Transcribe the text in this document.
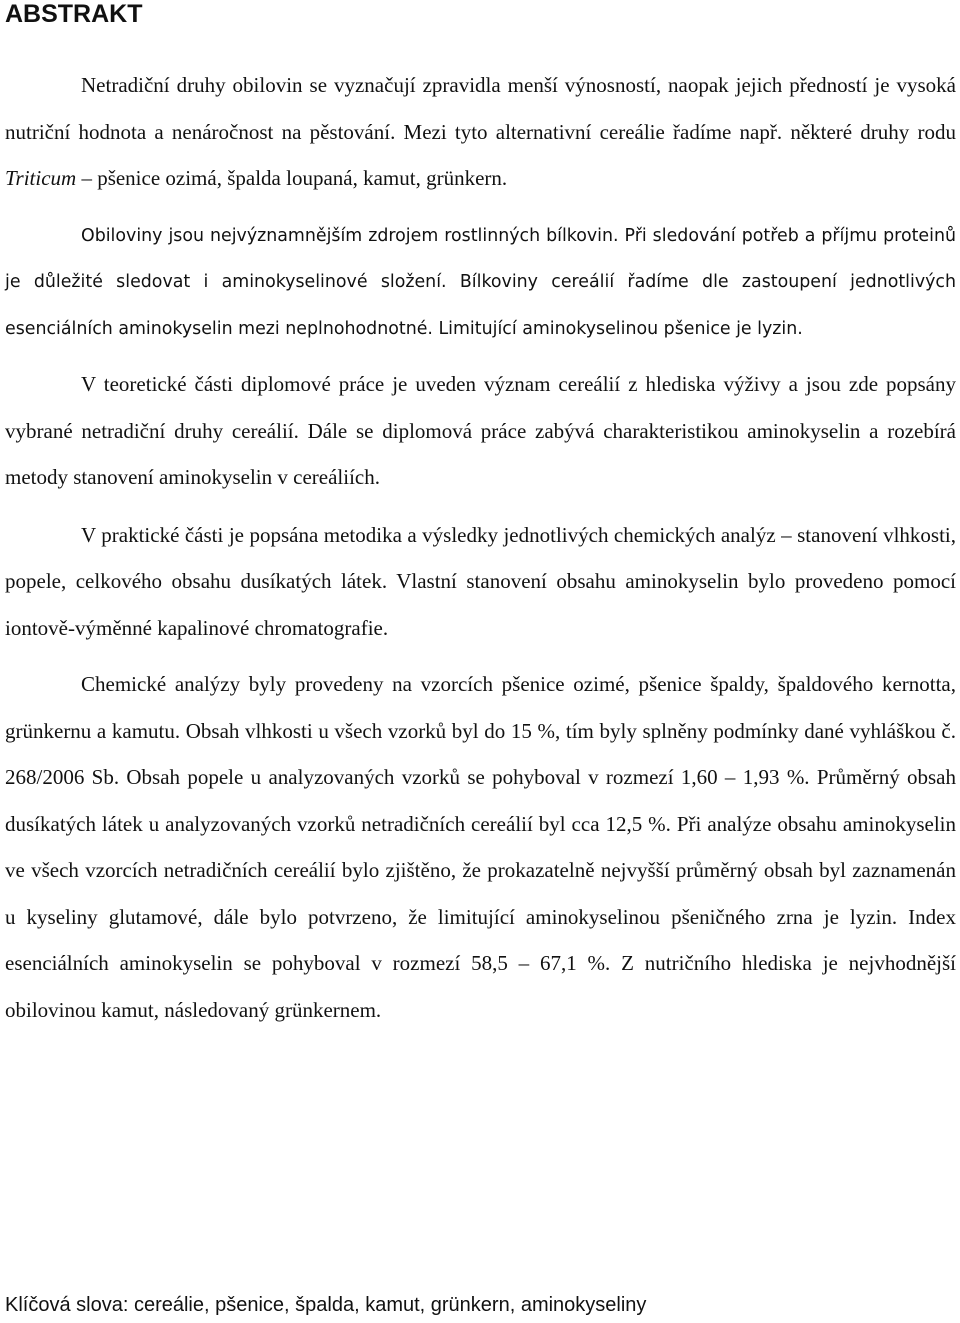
ABSTRAKT

Netradiční druhy obilovin se vyznačují zpravidla menší výnosností, naopak jejich předností je vysoká nutriční hodnota a nenáročnost na pěstování. Mezi tyto alternativní cereálie řadíme např. některé druhy rodu Triticum – pšenice ozimá, špalda loupaná, kamut, grünkern.

Obiloviny jsou nejvýznamnějším zdrojem rostlinných bílkovin. Při sledování potřeb a příjmu proteinů je důležité sledovat i aminokyselinové složení. Bílkoviny cereálií řadíme dle zastoupení jednotlivých esenciálních aminokyselin mezi neplnohodnotné. Limitující aminokyselinou pšenice je lyzin.

V teoretické části diplomové práce je uveden význam cereálií z hlediska výživy a jsou zde popsány vybrané netradiční druhy cereálií. Dále se diplomová práce zabývá charakteristikou aminokyselin a rozebírá metody stanovení aminokyselin v cereáliích.

V praktické části je popsána metodika a výsledky jednotlivých chemických analýz – stanovení vlhkosti, popele, celkového obsahu dusíkatých látek. Vlastní stanovení obsahu aminokyselin bylo provedeno pomocí iontově-výměnné kapalinové chromatografie.

Chemické analýzy byly provedeny na vzorcích pšenice ozimé, pšenice špaldy, špaldového kernotta, grünkernu a kamutu. Obsah vlhkosti u všech vzorků byl do 15 %, tím byly splněny podmínky dané vyhláškou č. 268/2006 Sb. Obsah popele u analyzovaných vzorků se pohyboval v rozmezí 1,60 – 1,93 %. Průměrný obsah dusíkatých látek u analyzovaných vzorků netradičních cereálií byl cca 12,5 %. Při analýze obsahu aminokyselin ve všech vzorcích netradičních cereálií bylo zjištěno, že prokazatelně nejvyšší průměrný obsah byl zaznamenán u kyseliny glutamové, dále bylo potvrzeno, že limitující aminokyselinou pšeničného zrna je lyzin. Index esenciálních aminokyselin se pohyboval v rozmezí 58,5 – 67,1 %. Z nutričního hlediska je nejvhodnější obilovinou kamut, následovaný grünkernem.

Klíčová slova: cereálie, pšenice, špalda, kamut, grünkern, aminokyseliny
